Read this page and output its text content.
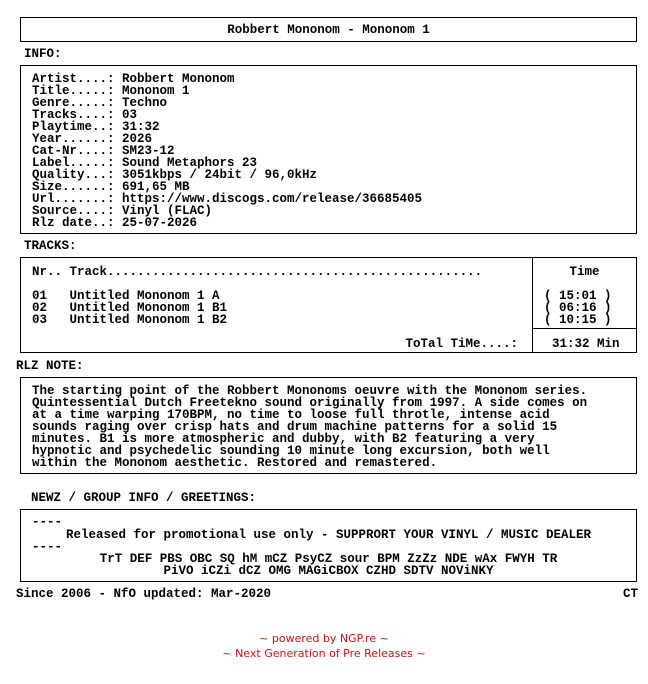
Robbert Mononom - Mononom 1
INFO:
Artist....: Robbert Mononom
Title.....: Mononom 1
Genre.....: Techno
Tracks....: 03
Playtime..: 31:32
Year......: 2026
Cat-Nr....: SM23-12
Label.....: Sound Metaphors 23
Quality...: 3051kbps / 24bit / 96,0kHz
Size......: 691,65 MB
Url.......: https://www.discogs.com/release/36685405
Source....: Vinyl (FLAC)
Rlz date..: 25-07-2026
TRACKS:
Nr.. Track..................................................
01   Untitled Mononom 1 A
02   Untitled Mononom 1 B1
03   Untitled Mononom 1 B2
ToTal TiMe....:
Time
( 15:01 )
( 06:16 )
( 10:15 )
31:32 Min
RLZ NOTE:
The starting point of the Robbert Mononoms oeuvre with the Mononom series.
Quintessential Dutch Freetekno sound originally from 1997. A side comes on
at a time warping 170BPM, no time to loose full throtle, intense acid
sounds raging over crisp hats and drum machine patterns for a solid 15
minutes. B1 is more atmospheric and dubby, with B2 featuring a very
hypnotic and psychedelic sounding 10 minute long excursion, both well
within the Mononom aesthetic. Restored and remastered.
NEWZ / GROUP INFO / GREETINGS:
----
Released for promotional use only - SUPPRORT YOUR VINYL / MUSIC DEALER
----
TrT DEF PBS OBC SQ hM mCZ PsyCZ sour BPM ZzZz NDE wAx FWYH TR
PiVO iCZi dCZ OMG MAGiCBOX CZHD SDTV NOViNKY
Since 2006 - NfO updated: Mar-2020	CT
~ powered by NGP.re ~
~ Next Generation of Pre Releases ~
